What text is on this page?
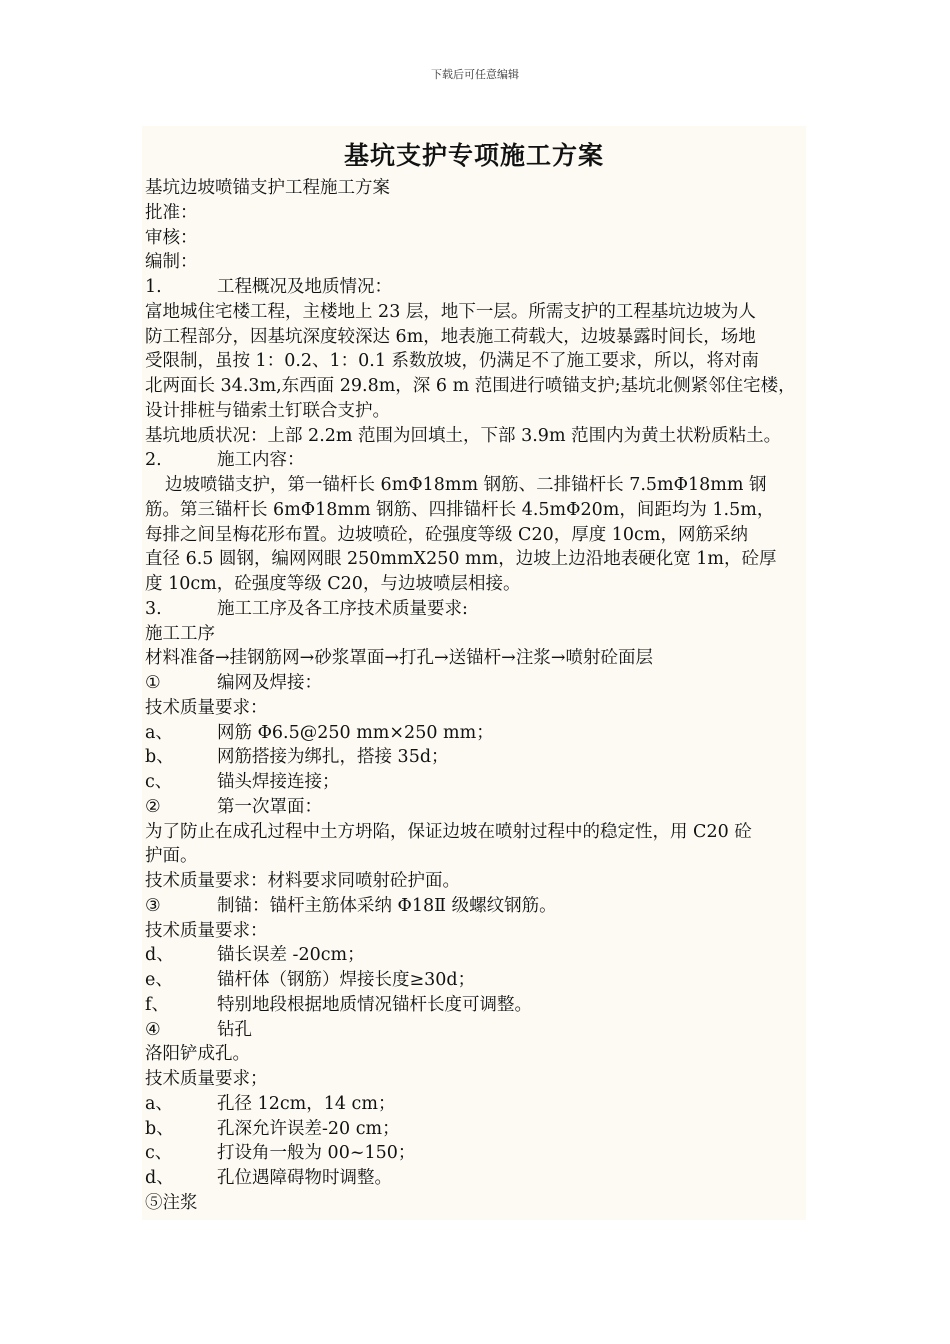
下载后可任意编辑
基坑支护专项施工方案
基坑边坡喷锚支护工程施工方案
批准：
审核：
编制：
1.	工程概况及地质情况：
富地城住宅楼工程，主楼地上 23 层，地下一层。所需支护的工程基坑边坡为人
防工程部分，因基坑深度较深达 6m，地表施工荷载大，边坡暴露时间长，场地
受限制，虽按 1：0.2、1：0.1 系数放坡，仍满足不了施工要求，所以，将对南
北两面长 34.3m,东西面 29.8m，深 6 m 范围进行喷锚支护;基坑北侧紧邻住宅楼，
设计排桩与锚索土钉联合支护。
基坑地质状况：上部 2.2m 范围为回填土，下部 3.9m 范围内为黄土状粉质粘土。
2.	施工内容：
边坡喷锚支护，第一锚杆长 6mΦ18mm 钢筋、二排锚杆长 7.5mΦ18mm 钢
筋。第三锚杆长 6mΦ18mm 钢筋、四排锚杆长 4.5mΦ20m，间距均为 1.5m，
每排之间呈梅花形布置。边坡喷砼，砼强度等级 C20，厚度 10cm，网筋采纳
直径 6.5 圆钢，编网网眼 250mmⅩ250 mm，边坡上边沿地表硬化宽 1m，砼厚
度 10cm，砼强度等级 C20，与边坡喷层相接。
3.	施工工序及各工序技术质量要求:
施工工序
材料准备→挂钢筋网→砂浆罩面→打孔→送锚杆→注浆→喷射砼面层
①	编网及焊接：
技术质量要求：
a、	网筋 Φ6.5@250 mm×250 mm；
b、 网筋搭接为绑扎，搭接 35d；
c、	锚头焊接连接；
②	第一次罩面：
为了防止在成孔过程中土方坍陷，保证边坡在喷射过程中的稳定性，用 C20 砼
护面。
技术质量要求：材料要求同喷射砼护面。
③	制锚：锚杆主筋体采纳 Φ18Ⅱ 级螺纹钢筋。
技术质量要求：
d、 锚长误差 -20cm；
e、	锚杆体（钢筋）焊接长度≥30d；
f、	特别地段根据地质情况锚杆长度可调整。
④	钻孔
洛阳铲成孔。
技术质量要求；
a、	孔径 12cm，14 cm；
b、 孔深允许误差-20 cm；
c、	打设角一般为 00~150；
d、 孔位遇障碍物时调整。
⑤注浆
